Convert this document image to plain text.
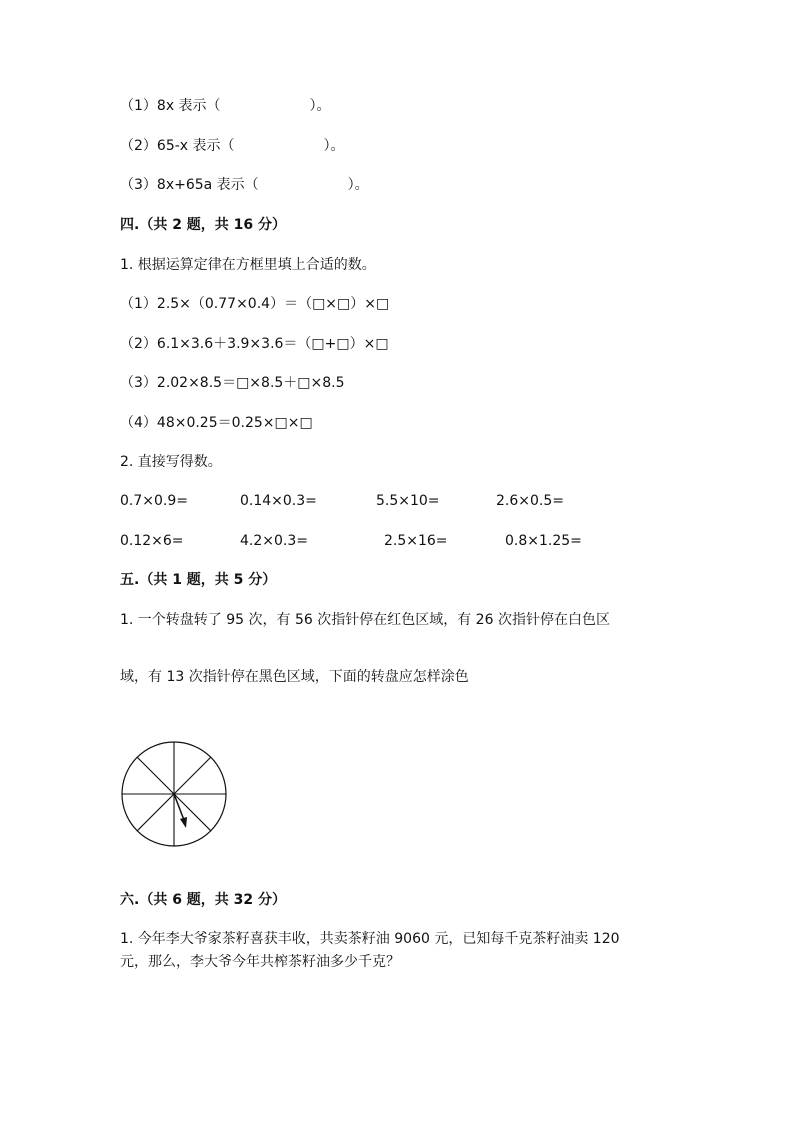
（1）8x 表示（                    ）。
（2）65-x 表示（                    ）。
（3）8x+65a 表示（                    ）。
四.（共 2 题，共 16 分）
1. 根据运算定律在方框里填上合适的数。
（1）2.5×（0.77×0.4）＝（□×□）×□
（2）6.1×3.6＋3.9×3.6＝（□+□）×□
（3）2.02×8.5＝□×8.5＋□×8.5
（4）48×0.25＝0.25×□×□
2. 直接写得数。
0.7×0.9=	0.14×0.3=	5.5×10=	2.6×0.5=
0.12×6=	4.2×0.3=	2.5×16=	0.8×1.25=
五.（共 1 题，共 5 分）
1. 一个转盘转了 95 次，有 56 次指针停在红色区域，有 26 次指针停在白色区
域，有 13 次指针停在黑色区域，下面的转盘应怎样涂色
六.（共 6 题，共 32 分）
1. 今年李大爷家茶籽喜获丰收，共卖茶籽油 9060 元，已知每千克茶籽油卖 120
元，那么，李大爷今年共榨茶籽油多少千克？
